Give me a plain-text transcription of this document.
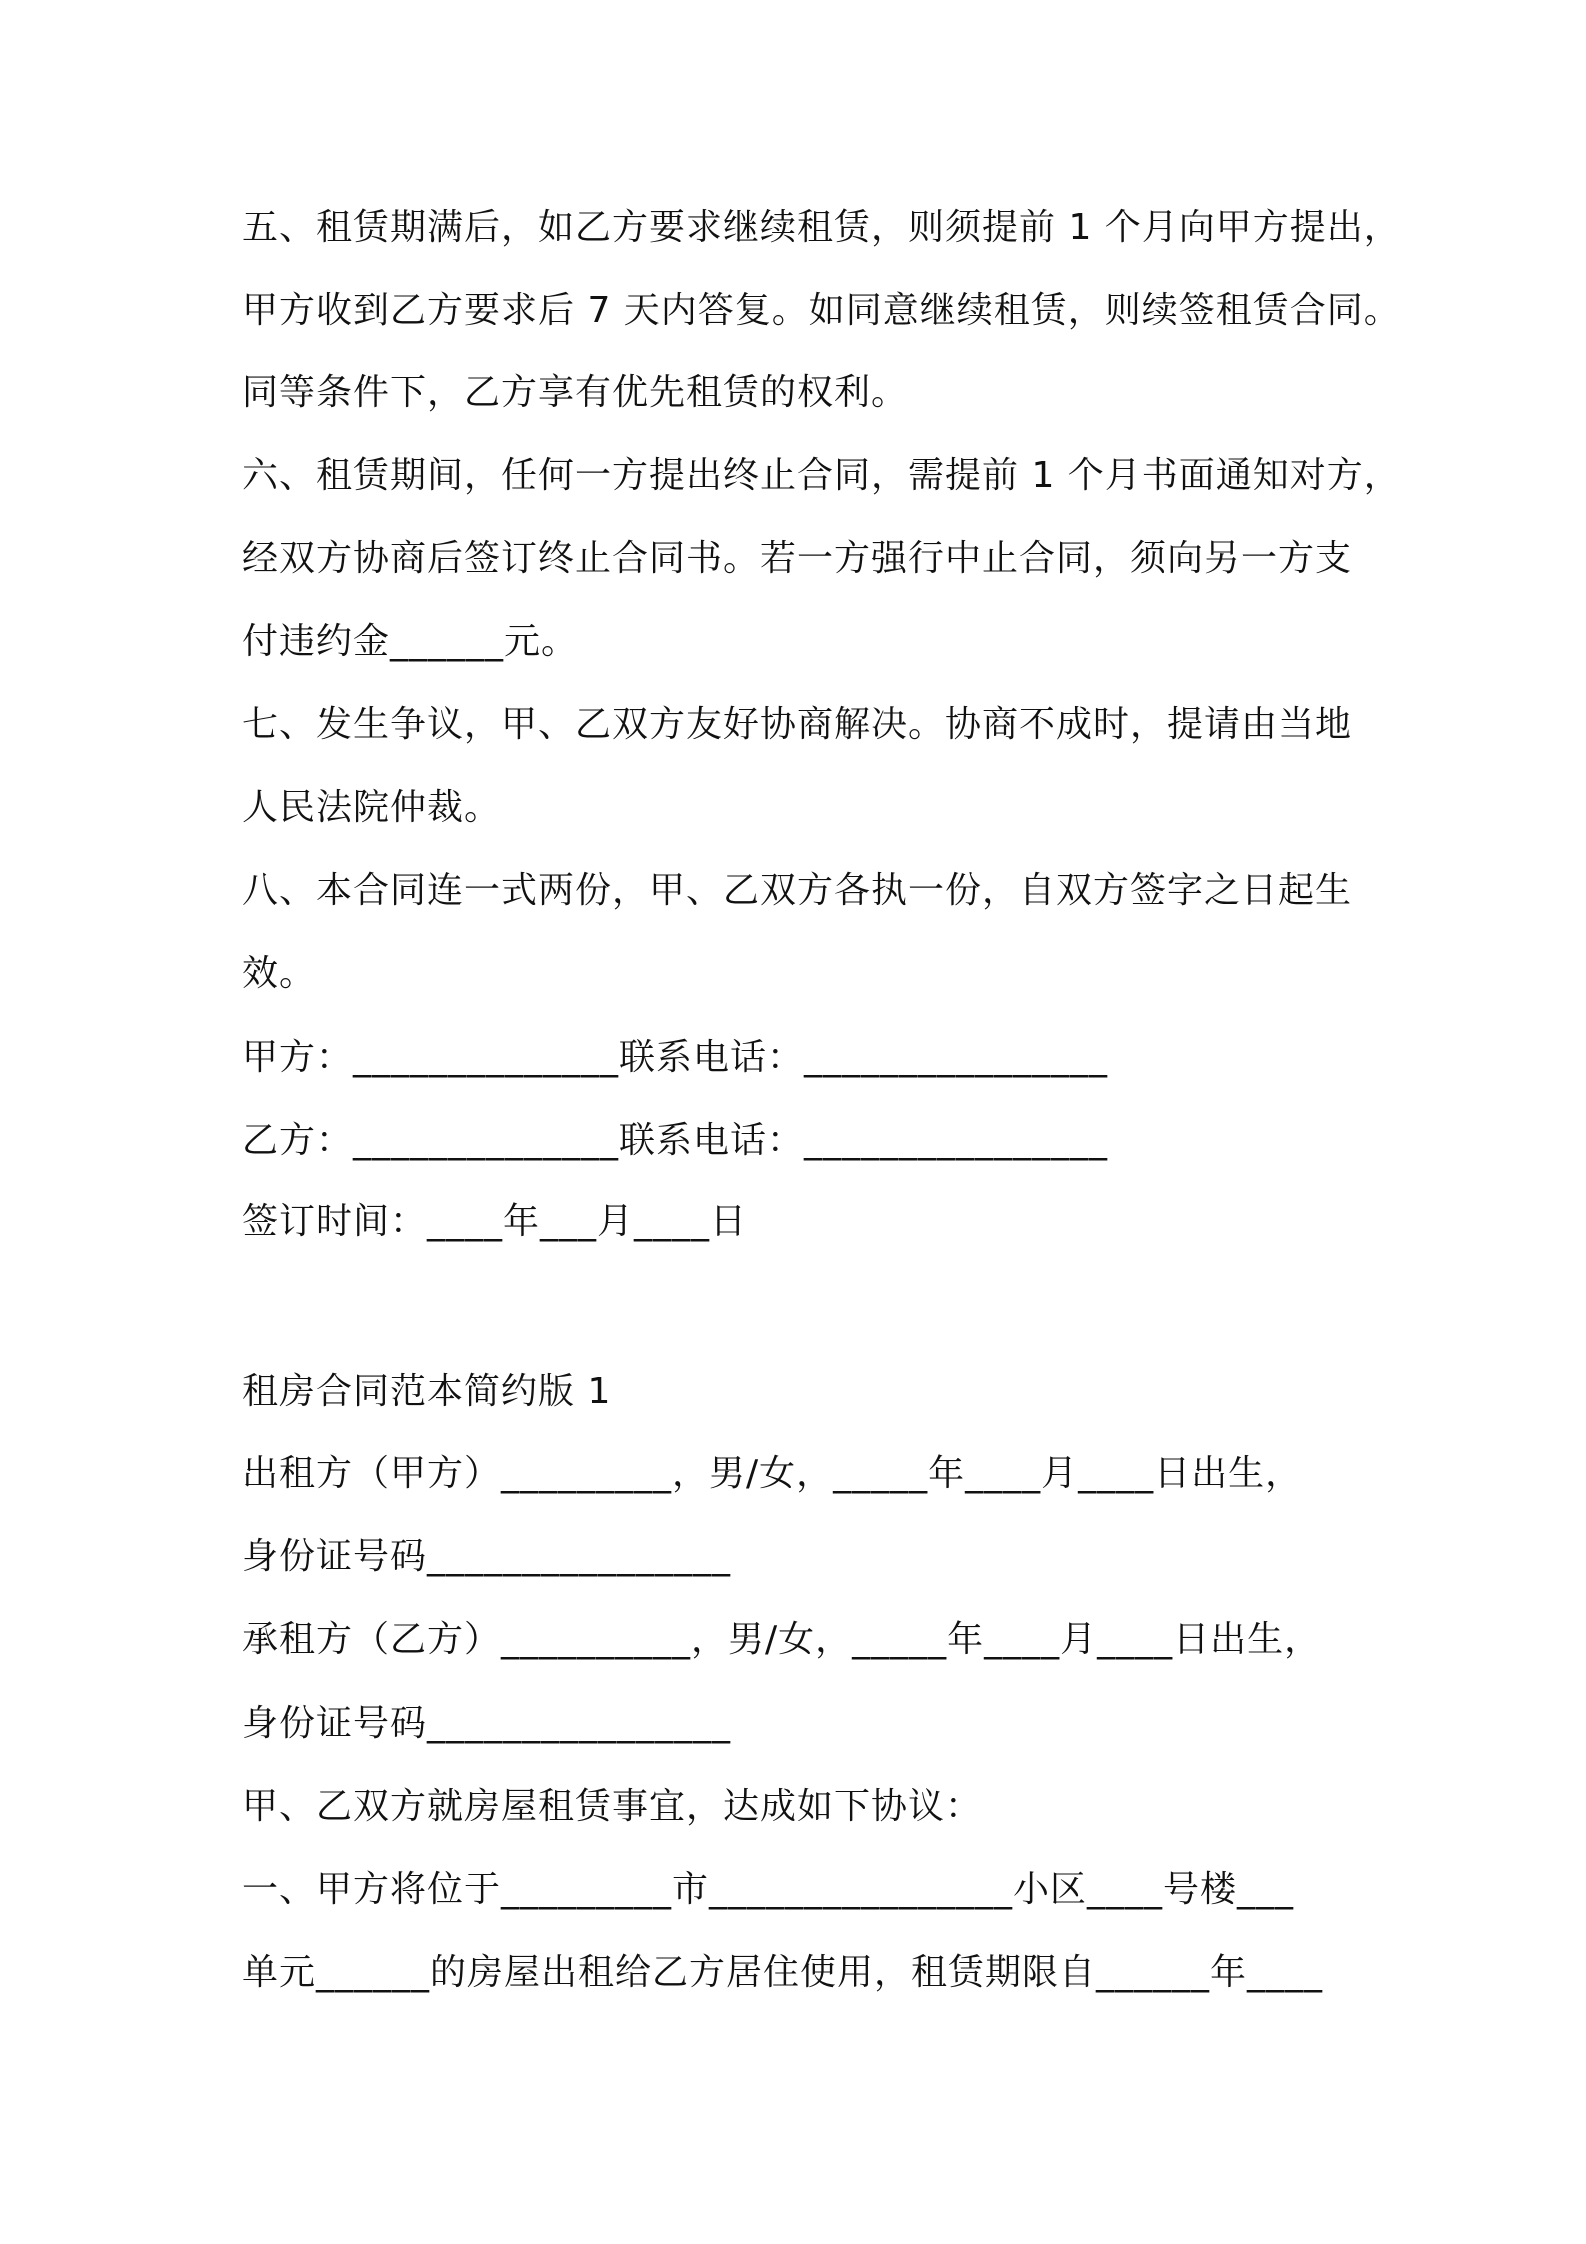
五、租赁期满后，如乙方要求继续租赁，则须提前 1 个月向甲方提出，
甲方收到乙方要求后 7 天内答复。如同意继续租赁，则续签租赁合同。
同等条件下，乙方享有优先租赁的权利。
六、租赁期间，任何一方提出终止合同，需提前 1 个月书面通知对方，
经双方协商后签订终止合同书。若一方强行中止合同，须向另一方支
付违约金______元。
七、发生争议，甲、乙双方友好协商解决。协商不成时，提请由当地
人民法院仲裁。
八、本合同连一式两份，甲、乙双方各执一份，自双方签字之日起生
效。
甲方：______________联系电话：________________
乙方：______________联系电话：________________
签订时间：____年___月____日
租房合同范本简约版 1
出租方（甲方）_________，男/女，_____年____月____日出生，
身份证号码________________
承租方（乙方）__________，男/女，_____年____月____日出生，
身份证号码________________
甲、乙双方就房屋租赁事宜，达成如下协议：
一、甲方将位于_________市________________小区____号楼___
单元______的房屋出租给乙方居住使用，租赁期限自______年____
